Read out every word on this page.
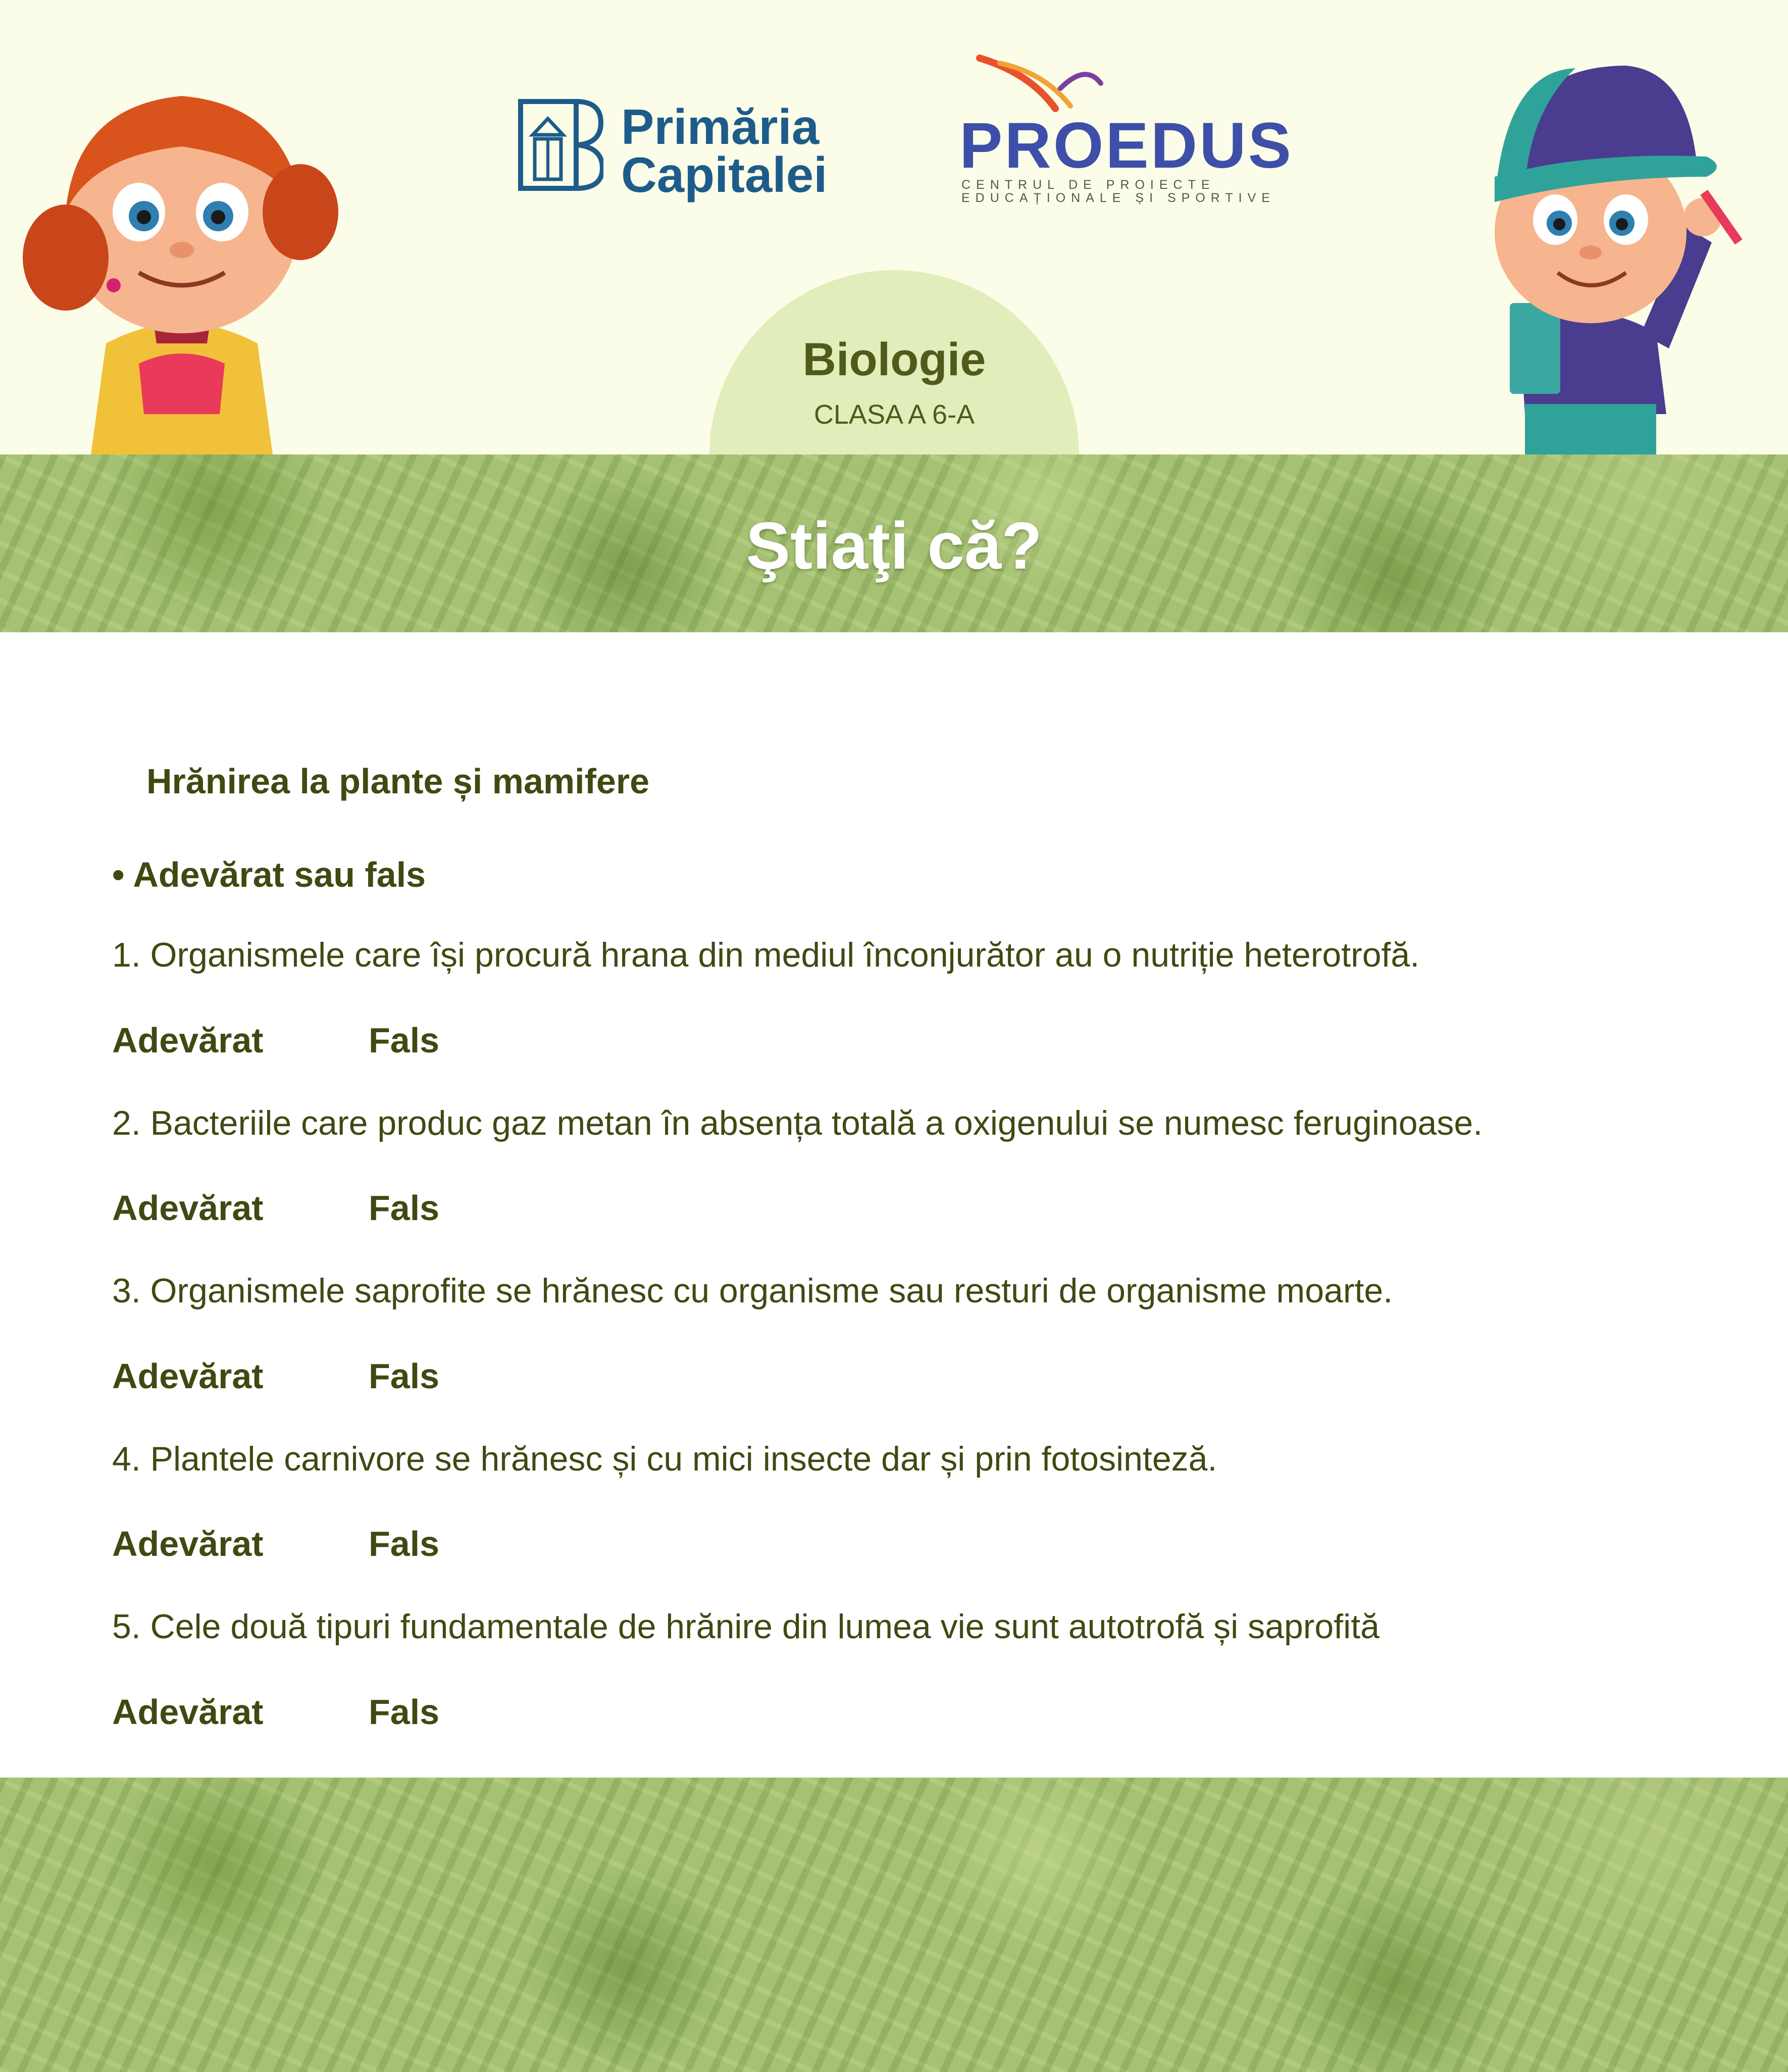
Primăria
Capitalei PROEDUS
CENTRUL DE PROIECTE
EDUCAȚIONALE ȘI SPORTIVE
Biologie
CLASA A 6-A
Ştiaţi că?
Hrănirea la plante și mamifere
• Adevărat sau fals
1. Organismele care își procură hrana din mediul înconjurător au o nutriție heterotrofă.
Adevărat	Fals
2. Bacteriile care produc gaz metan în absența totală a oxigenului se numesc feruginoase.
Adevărat	Fals
3. Organismele saprofite se hrănesc cu organisme sau resturi de organisme moarte.
Adevărat	Fals
4. Plantele carnivore se hrănesc și cu mici insecte dar și prin fotosinteză.
Adevărat	Fals
5. Cele două tipuri fundamentale de hrănire din lumea vie sunt autotrofă și saprofită
Adevărat	Fals
